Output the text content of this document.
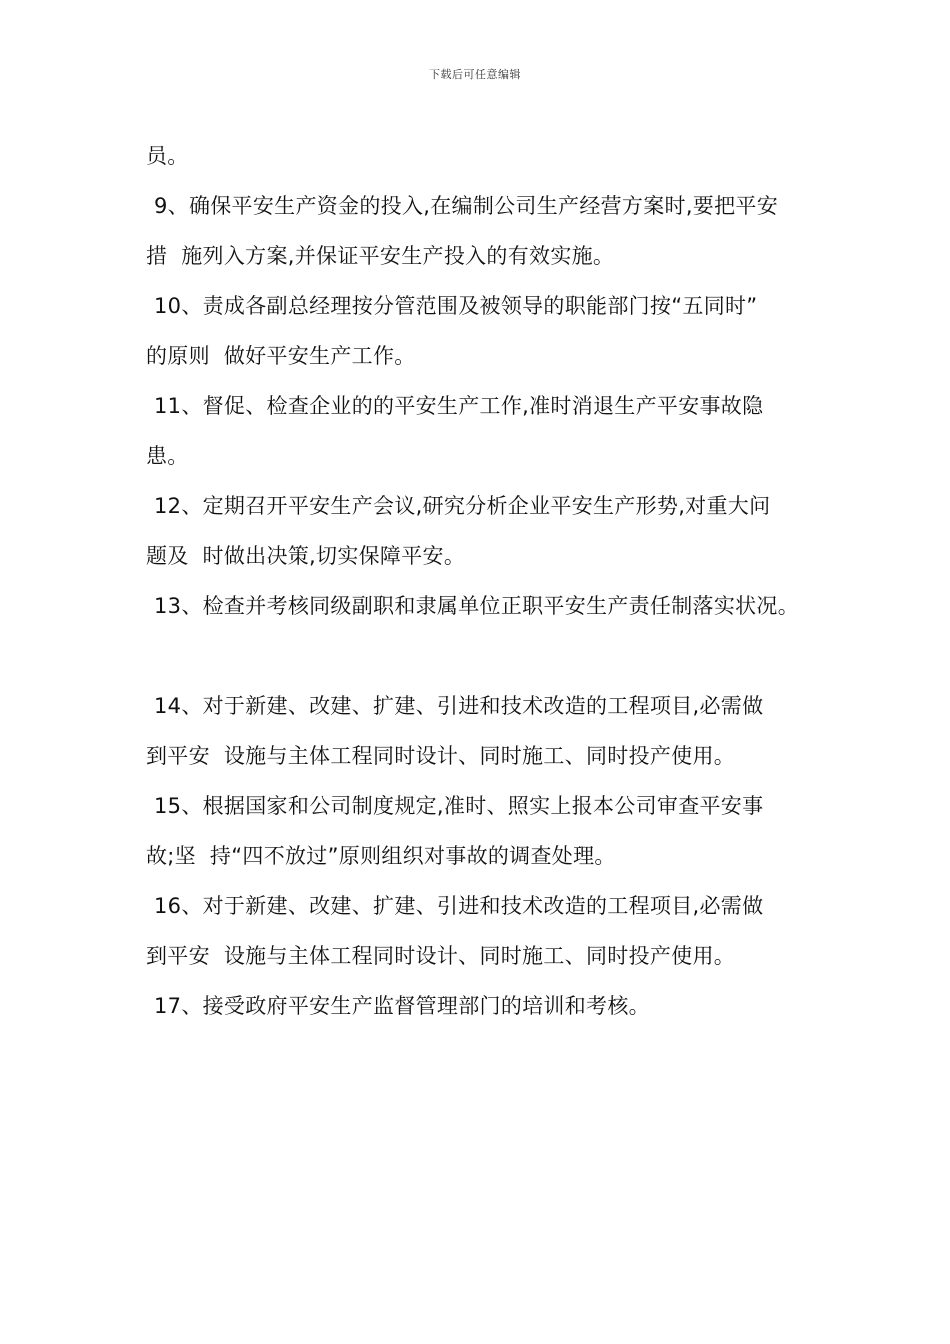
下载后可任意编辑
员。
9、确保平安生产资金的投入,在编制公司生产经营方案时,要把平安
措  施列入方案,并保证平安生产投入的有效实施。
10、责成各副总经理按分管范围及被领导的职能部门按“五同时”
的原则  做好平安生产工作。
11、督促、检查企业的的平安生产工作,准时消退生产平安事故隐
患。
12、定期召开平安生产会议,研究分析企业平安生产形势,对重大问
题及  时做出决策,切实保障平安。
13、检查并考核同级副职和隶属单位正职平安生产责任制落实状况。
14、对于新建、改建、扩建、引进和技术改造的工程项目,必需做
到平安  设施与主体工程同时设计、同时施工、同时投产使用。
15、根据国家和公司制度规定,准时、照实上报本公司审查平安事
故;坚  持“四不放过”原则组织对事故的调查处理。
16、对于新建、改建、扩建、引进和技术改造的工程项目,必需做
到平安  设施与主体工程同时设计、同时施工、同时投产使用。
17、接受政府平安生产监督管理部门的培训和考核。
